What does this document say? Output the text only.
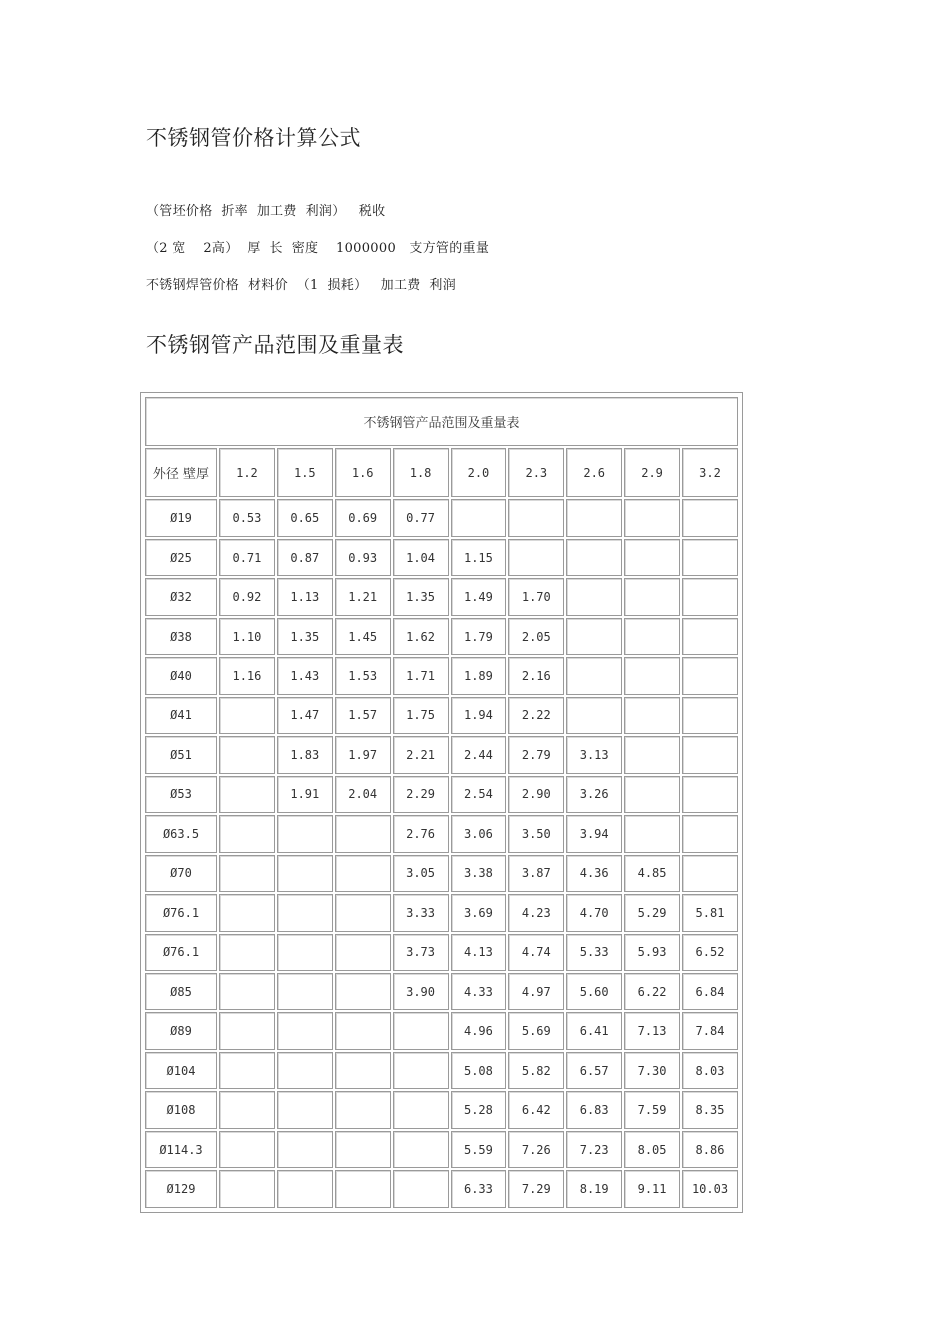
不锈钢管价格计算公式

（管坯价格  折率  加工费  利润）   税收

（2 宽    2高）  厚  长  密度    1000000   支方管的重量

不锈钢焊管价格  材料价  （1  损耗）   加工费  利润

不锈钢管产品范围及重量表
不锈钢管产品范围及重量表									
外径 壁厚	1.2	1.5	1.6	1.8	2.0	2.3	2.6	2.9	3.2
Ø19	0.53	0.65	0.69	0.77					
Ø25	0.71	0.87	0.93	1.04	1.15				
Ø32	0.92	1.13	1.21	1.35	1.49	1.70			
Ø38	1.10	1.35	1.45	1.62	1.79	2.05			
Ø40	1.16	1.43	1.53	1.71	1.89	2.16			
Ø41		1.47	1.57	1.75	1.94	2.22			
Ø51		1.83	1.97	2.21	2.44	2.79	3.13		
Ø53		1.91	2.04	2.29	2.54	2.90	3.26		
Ø63.5				2.76	3.06	3.50	3.94		
Ø70				3.05	3.38	3.87	4.36	4.85	
Ø76.1				3.33	3.69	4.23	4.70	5.29	5.81
Ø76.1				3.73	4.13	4.74	5.33	5.93	6.52
Ø85				3.90	4.33	4.97	5.60	6.22	6.84
Ø89					4.96	5.69	6.41	7.13	7.84
Ø104					5.08	5.82	6.57	7.30	8.03
Ø108					5.28	6.42	6.83	7.59	8.35
Ø114.3					5.59	7.26	7.23	8.05	8.86
Ø129					6.33	7.29	8.19	9.11	10.03
